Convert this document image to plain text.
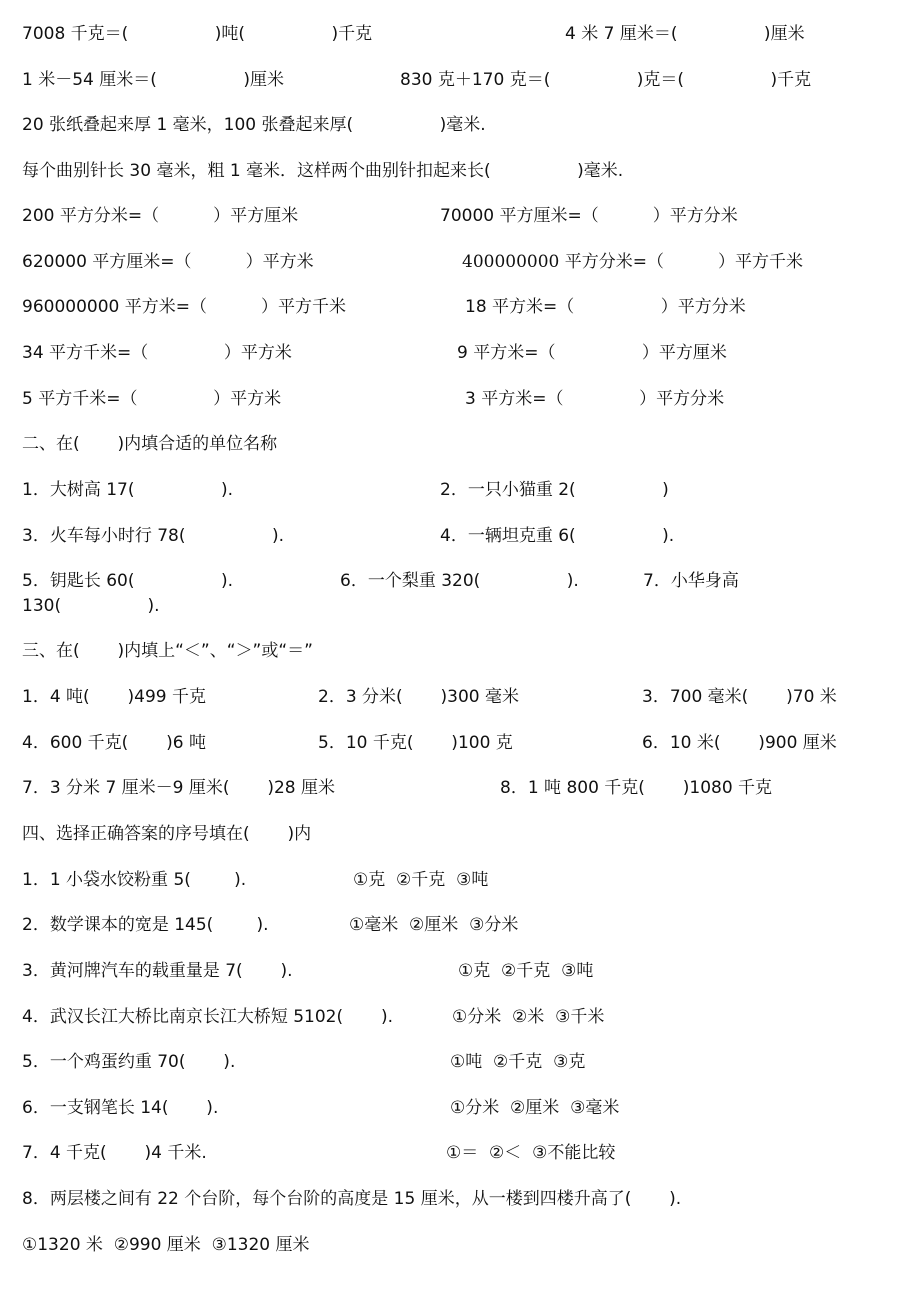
7008 千克＝(                )吨(                )千克	4 米 7 厘米＝(                )厘米
1 米－54 厘米＝(                )厘米	830 克＋170 克＝(                )克＝(                )千克
20 张纸叠起来厚 1 毫米，100 张叠起来厚(                )毫米.
每个曲别针长 30 毫米，粗 1 毫米．这样两个曲别针扣起来长(                )毫米.
200 平方分米=（          ）平方厘米	70000 平方厘米=（          ）平方分米
620000 平方厘米=（          ）平方米	400000000 平方分米=（          ）平方千米
960000000 平方米=（          ）平方千米	18 平方米=（                ）平方分米
34 平方千米=（              ）平方米	9 平方米=（                ）平方厘米
5 平方千米=（              ）平方米	3 平方米=（              ）平方分米
二、在(       )内填合适的单位名称
1．大树高 17(                ).	2．一只小猫重 2(                )
3．火车每小时行 78(                ).	4．一辆坦克重 6(                ).
5．钥匙长 60(                ).	6．一个梨重 320(                ).	7．小华身高
130(                ).
三、在(       )内填上“＜”、“＞”或“＝”
1．4 吨(       )499 千克	2．3 分米(       )300 毫米	3．700 毫米(       )70 米
4．600 千克(       )6 吨	5．10 千克(       )100 克	6．10 米(       )900 厘米
7．3 分米 7 厘米－9 厘米(       )28 厘米	8．1 吨 800 千克(       )1080 千克
四、选择正确答案的序号填在(       )内
1．1 小袋水饺粉重 5(        ).	①克  ②千克  ③吨
2．数学课本的宽是 145(        ).	①毫米  ②厘米  ③分米
3．黄河牌汽车的载重量是 7(       ).	①克  ②千克  ③吨
4．武汉长江大桥比南京长江大桥短 5102(       ).	①分米  ②米  ③千米
5．一个鸡蛋约重 70(       ).	①吨  ②千克  ③克
6．一支钢笔长 14(       ).	①分米  ②厘米  ③毫米
7．4 千克(       )4 千米.	①＝  ②＜  ③不能比较
8．两层楼之间有 22 个台阶，每个台阶的高度是 15 厘米，从一楼到四楼升高了(       ).
①1320 米  ②990 厘米  ③1320 厘米
